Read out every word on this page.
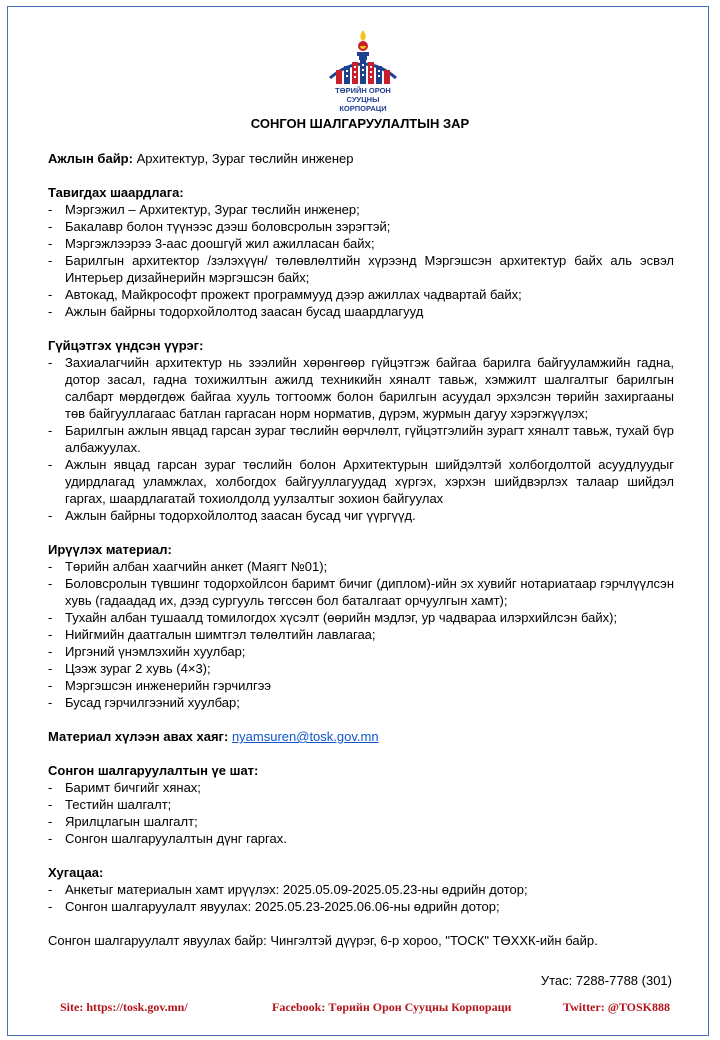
ТӨРИЙН ОРОН СУУЦНЫ
КОРПОРАЦИ
СОНГОН ШАЛГАРУУЛАЛТЫН ЗАР

Ажлын байр: Архитектур, Зураг төслийн инженер

Тавигдах шаардлага:

- Мэргэжил – Архитектур, Зураг төслийн инженер;
- Бакалавр болон түүнээс дээш боловсролын зэрэгтэй;
- Мэргэжлээрээ 3-аас доошгүй жил ажилласан байх;
- Барилгын архитектор /зэлэхүүн/ төлөвлөлтийн хүрээнд Мэргэшсэн архитектур байх аль эсвэл Интерьер дизайнерийн мэргэшсэн байх;
- Автокад, Майкрософт прожект программууд дээр ажиллах чадвартай байх;
- Ажлын байрны тодорхойлолтод заасан бусад шаардлагууд

Гүйцэтгэх үндсэн үүрэг:

- Захиалагчийн архитектур нь зээлийн хөрөнгөөр гүйцэтгэж байгаа барилга байгууламжийн гадна, дотор засал, гадна тохижилтын ажилд техникийн хяналт тавьж, хэмжилт шалгалтыг барилгын салбарт мөрдөгдөж байгаа хууль тогтоомж болон барилгын асуудал эрхэлсэн төрийн захиргааны төв байгууллагаас батлан гаргасан норм норматив, дүрэм, журмын дагуу хэрэгжүүлэх;
- Барилгын ажлын явцад гарсан зураг төслийн өөрчлөлт, гүйцэтгэлийн зурагт хяналт тавьж, тухай бүр албажуулах.
- Ажлын явцад гарсан зураг төслийн болон Архитектурын шийдэлтэй холбогдолтой асуудлуудыг удирдлагад уламжлах, холбогдох байгууллагуудад хүргэх, хэрхэн шийдвэрлэх талаар шийдэл гаргах, шаардлагатай тохиолдолд уулзалтыг зохион байгуулах
- Ажлын байрны тодорхойлолтод заасан бусад чиг үүргүүд.

Ирүүлэх материал:

- Төрийн албан хаагчийн анкет (Маягт №01);
- Боловсролын түвшинг тодорхойлсон баримт бичиг (диплом)-ийн эх хувийг нотариатаар гэрчлүүлсэн хувь (гадаадад их, дээд сургууль төгссөн бол баталгаат орчуулгын хамт);
- Тухайн албан тушаалд томилогдох хүсэлт (өөрийн мэдлэг, ур чадвараа илэрхийлсэн байх);
- Нийгмийн даатгалын шимтгэл төлөлтийн лавлагаа;
- Иргэний үнэмлэхийн хуулбар;
- Цээж зураг 2 хувь (4×3);
- Мэргэшсэн инженерийн гэрчилгээ
- Бусад гэрчилгээний хуулбар;

Материал хүлээн авах хаяг: nyamsuren@tosk.gov.mn

Сонгон шалгаруулалтын үе шат:

- Баримт бичгийг хянах;
- Тестийн шалгалт;
- Ярилцлагын шалгалт;
- Сонгон шалгаруулалтын дүнг гаргах.

Хугацаа:

- Анкетыг материалын хамт ирүүлэх: 2025.05.09-2025.05.23-ны өдрийн дотор;
- Сонгон шалгаруулалт явуулах: 2025.05.23-2025.06.06-ны өдрийн дотор;

Сонгон шалгаруулалт явуулах байр: Чингэлтэй дүүрэг, 6-р хороо, "ТОСК" ТӨХХК-ийн байр.

Утас: 7288-7788 (301)
Site: https://tosk.gov.mn/	Facebook: Төрийн Орон Сууцны Корпораци	Twitter: @TOSK888
